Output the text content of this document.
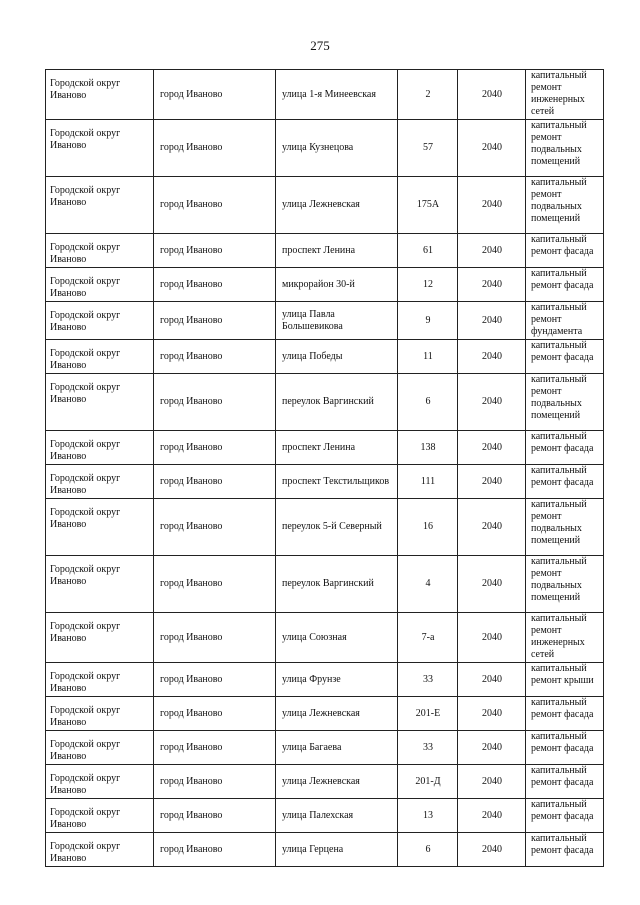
275
Городской округ Иваново	город Иваново	улица 1-я Минеевская	2	2040	капитальный ремонт инженерных сетей
Городской округ Иваново	город Иваново	улица Кузнецова	57	2040	капитальный ремонт подвальных помещений
Городской округ Иваново	город Иваново	улица Лежневская	175А	2040	капитальный ремонт подвальных помещений
Городской округ Иваново	город Иваново	проспект Ленина	61	2040	капитальный ремонт фасада
Городской округ Иваново	город Иваново	микрорайон 30-й	12	2040	капитальный ремонт фасада
Городской округ Иваново	город Иваново	улица Павла Большевикова	9	2040	капитальный ремонт фундамента
Городской округ Иваново	город Иваново	улица Победы	11	2040	капитальный ремонт фасада
Городской округ Иваново	город Иваново	переулок Варгинский	6	2040	капитальный ремонт подвальных помещений
Городской округ Иваново	город Иваново	проспект Ленина	138	2040	капитальный ремонт фасада
Городской округ Иваново	город Иваново	проспект Текстильщиков	111	2040	капитальный ремонт фасада
Городской округ Иваново	город Иваново	переулок 5-й Северный	16	2040	капитальный ремонт подвальных помещений
Городской округ Иваново	город Иваново	переулок Варгинский	4	2040	капитальный ремонт подвальных помещений
Городской округ Иваново	город Иваново	улица Союзная	7-а	2040	капитальный ремонт инженерных сетей
Городской округ Иваново	город Иваново	улица Фрунзе	33	2040	капитальный ремонт крыши
Городской округ Иваново	город Иваново	улица Лежневская	201-Е	2040	капитальный ремонт фасада
Городской округ Иваново	город Иваново	улица Багаева	33	2040	капитальный ремонт фасада
Городской округ Иваново	город Иваново	улица Лежневская	201-Д	2040	капитальный ремонт фасада
Городской округ Иваново	город Иваново	улица Палехская	13	2040	капитальный ремонт фасада
Городской округ Иваново	город Иваново	улица Герцена	6	2040	капитальный ремонт фасада
